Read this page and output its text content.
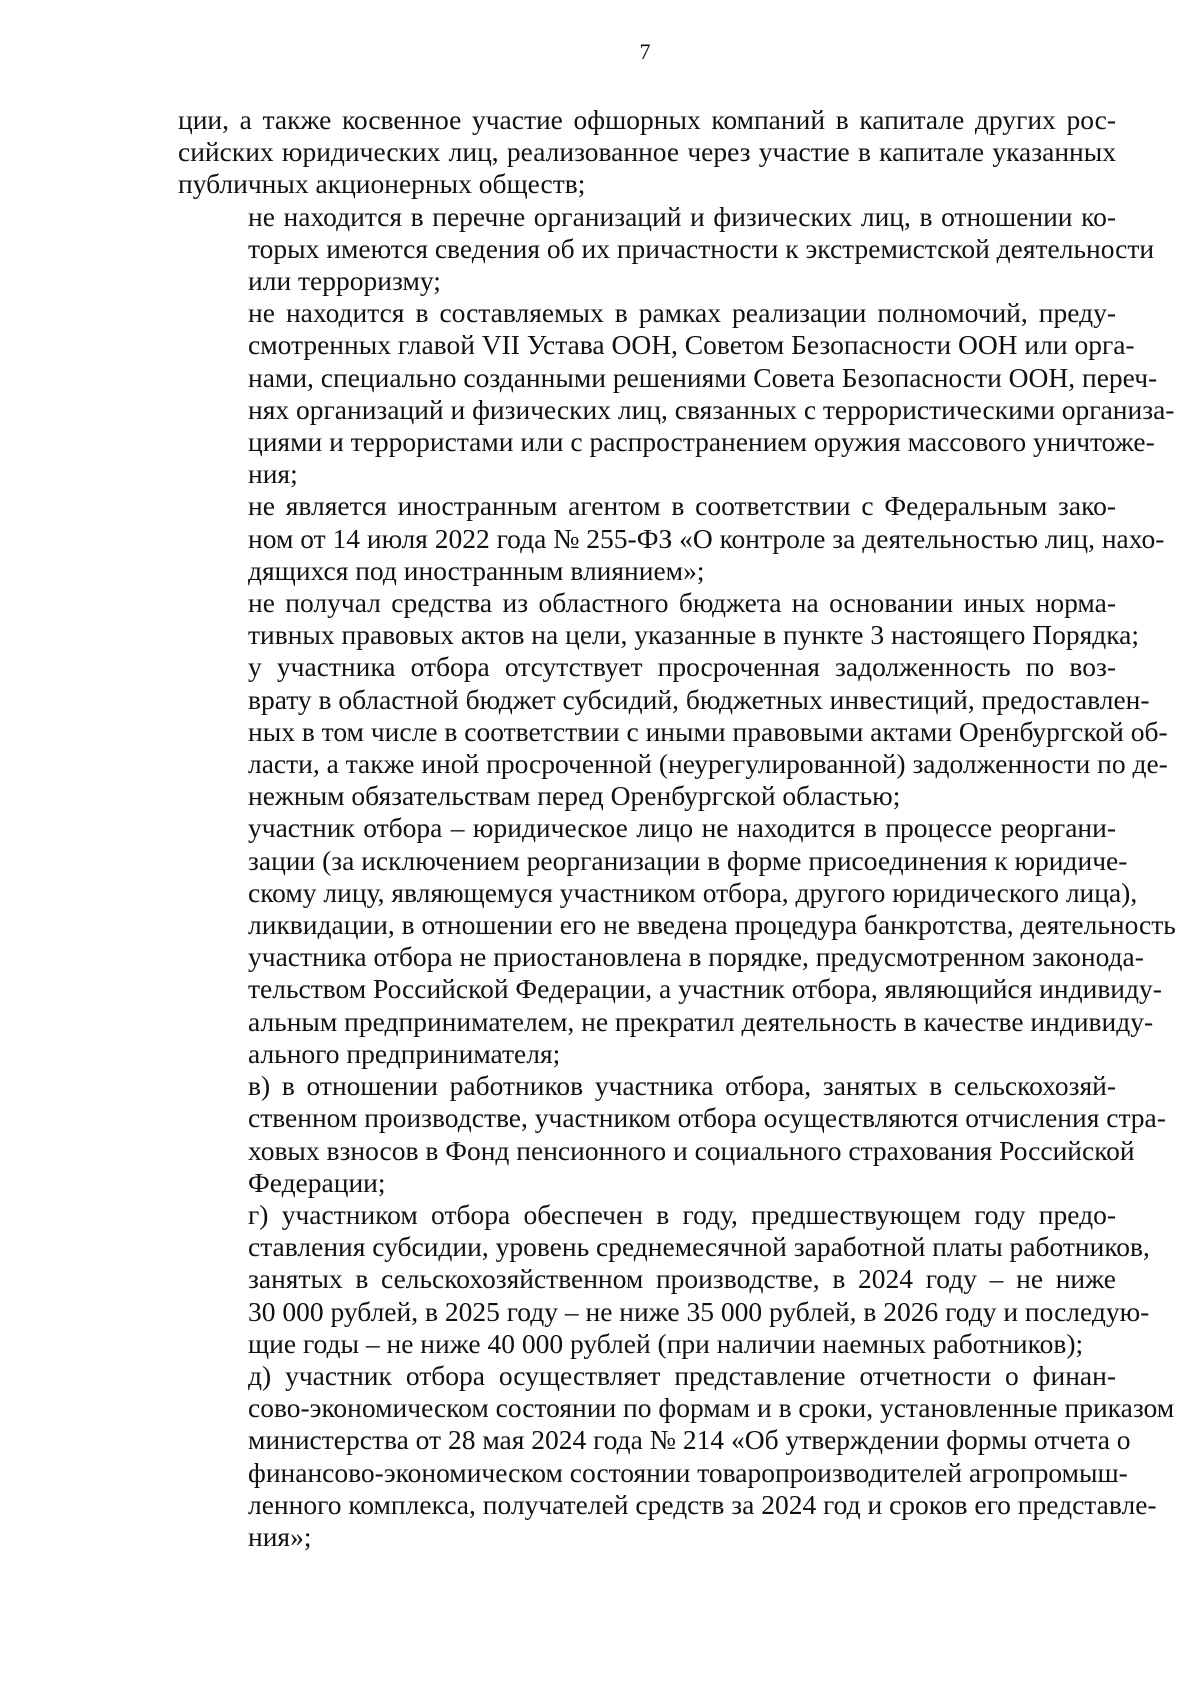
7

ции, а также косвенное участие офшорных компаний в капитале других рос-
сийских юридических лиц, реализованное через участие в капитале указанных
публичных акционерных обществ;

не находится в перечне организаций и физических лиц, в отношении ко-
торых имеются сведения об их причастности к экстремистской деятельности
или терроризму;

не находится в составляемых в рамках реализации полномочий, преду-
смотренных главой VII Устава ООН, Советом Безопасности ООН или орга-
нами, специально созданными решениями Совета Безопасности ООН, переч-
нях организаций и физических лиц, связанных с террористическими организа-
циями и террористами или с распространением оружия массового уничтоже-
ния;

не является иностранным агентом в соответствии с Федеральным зако-
ном от 14 июля 2022 года № 255-ФЗ «О контроле за деятельностью лиц, нахо-
дящихся под иностранным влиянием»;

не получал средства из областного бюджета на основании иных норма-
тивных правовых актов на цели, указанные в пункте 3 настоящего Порядка;

у участника отбора отсутствует просроченная задолженность по воз-
врату в областной бюджет субсидий, бюджетных инвестиций, предоставлен-
ных в том числе в соответствии с иными правовыми актами Оренбургской об-
ласти, а также иной просроченной (неурегулированной) задолженности по де-
нежным обязательствам перед Оренбургской областью;

участник отбора – юридическое лицо не находится в процессе реоргани-
зации (за исключением реорганизации в форме присоединения к юридиче-
скому лицу, являющемуся участником отбора, другого юридического лица),
ликвидации, в отношении его не введена процедура банкротства, деятельность
участника отбора не приостановлена в порядке, предусмотренном законода-
тельством Российской Федерации, а участник отбора, являющийся индивиду-
альным предпринимателем, не прекратил деятельность в качестве индивиду-
ального предпринимателя;

в) в отношении работников участника отбора, занятых в сельскохозяй-
ственном производстве, участником отбора осуществляются отчисления стра-
ховых взносов в Фонд пенсионного и социального страхования Российской
Федерации;

г) участником отбора обеспечен в году, предшествующем году предо-
ставления субсидии, уровень среднемесячной заработной платы работников,
занятых в сельскохозяйственном производстве, в 2024 году – не ниже
30 000 рублей, в 2025 году – не ниже 35 000 рублей, в 2026 году и последую-
щие годы – не ниже 40 000 рублей (при наличии наемных работников);

д) участник отбора осуществляет представление отчетности о финан-
сово-экономическом состоянии по формам и в сроки, установленные приказом
министерства от 28 мая 2024 года № 214 «Об утверждении формы отчета о
финансово-экономическом состоянии товаропроизводителей агропромыш-
ленного комплекса, получателей средств за 2024 год и сроков его представле-
ния»;
